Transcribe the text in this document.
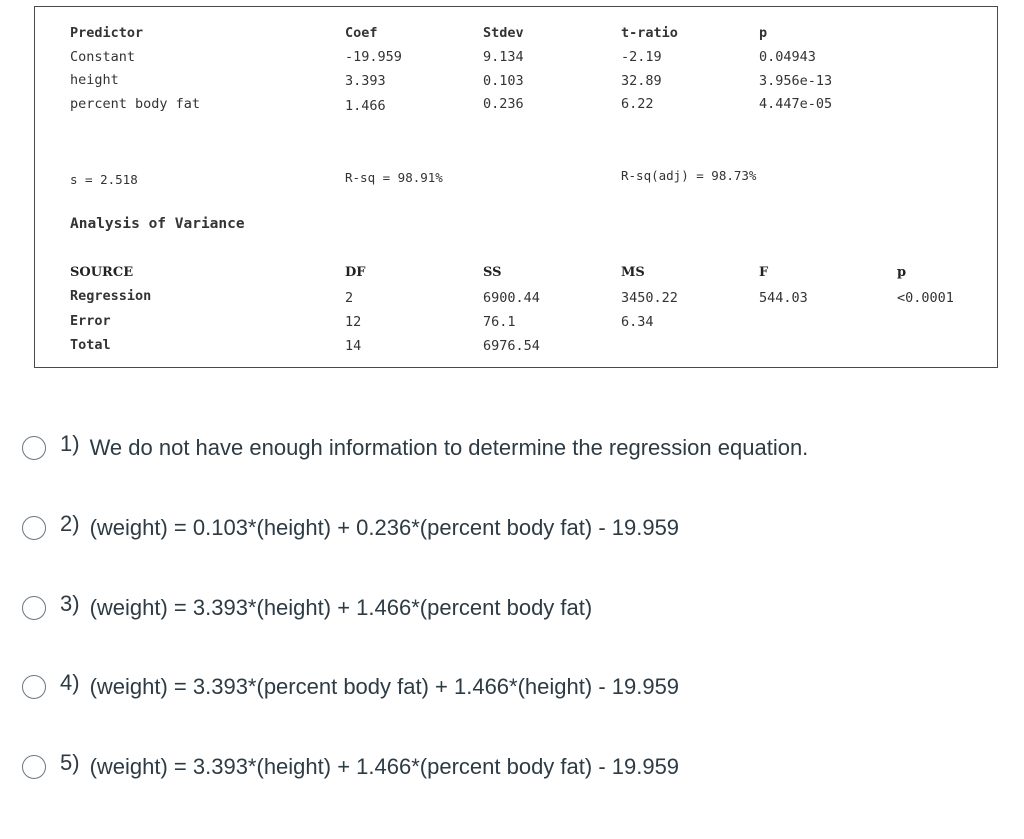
Predictor	Coef	Stdev	t-ratio	p
Constant	-19.959	9.134	-2.19	0.04943
height	3.393	0.103	32.89	3.956e-13
percent body fat	1.466	0.236	6.22	4.447e-05
s = 2.518	R-sq = 98.91%	R-sq(adj) = 98.73%
Analysis of Variance
SOURCE	DF	SS	MS	F	p
Regression	2	6900.44	3450.22	544.03	<0.0001
Error	12	76.1	6.34
Total	14	6976.54
1) We do not have enough information to determine the regression equation.
2) (weight) = 0.103*(height) + 0.236*(percent body fat) - 19.959
3) (weight) = 3.393*(height) + 1.466*(percent body fat)
4) (weight) = 3.393*(percent body fat) + 1.466*(height) - 19.959
5) (weight) = 3.393*(height) + 1.466*(percent body fat) - 19.959
